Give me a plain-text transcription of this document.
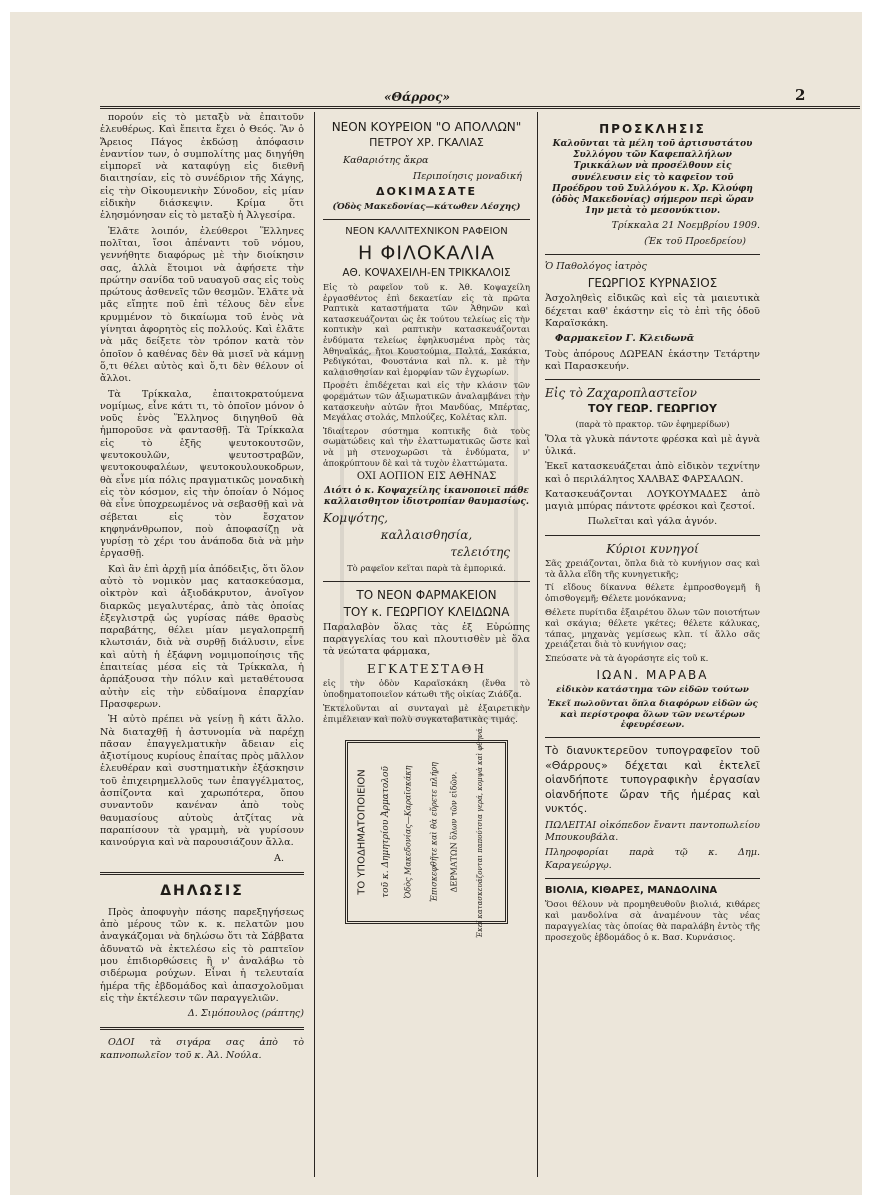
«Θάρρος»	2

πορούν εἰς τὸ μεταξὺ νὰ ἐπαιτοῦν ἐλευθέρως. Καὶ ἔπειτα ἔχει ὁ Θεός. Ἂν ὁ Ἄρειος Πάγος ἐκδώσῃ ἀπόφασιν ἐναντίον των, ὁ συμπολίτης μας διηγήθη εἰμπορεῖ νὰ καταφύγῃ εἰς διεθνῆ διαιτησίαν, εἰς τὸ συνέδριον τῆς Χάγης, εἰς τὴν Οἰκουμενικὴν Σύνοδον, εἰς μίαν εἰδικὴν διάσκεψιν. Κρίμα ὅτι ἐλησμόνησαν εἰς τὸ μεταξὺ ἡ Ἀλγεσίρα.

Ἐλᾶτε λοιπόν, ἐλεύθεροι Ἕλληνες πολῖται, ἴσοι ἀπέναντι τοῦ νόμου, γεννήθητε διαφόρως μὲ τὴν διοίκησιν σας, ἀλλὰ ἕτοιμοι νὰ ἀφήσετε τὴν πρώτην σανίδα τοῦ ναυαγοῦ σας εἰς τοὺς πρώτους ἀσθενεῖς τῶν θεσμῶν. Ἐλᾶτε νὰ μᾶς εἴπῃτε ποῦ ἐπὶ τέλους δὲν εἶνε κρυμμένον τὸ δικαίωμα τοῦ ἑνὸς νὰ γίνηται ἀφορητὸς εἰς πολλούς. Καὶ ἐλᾶτε νὰ μᾶς δείξετε τὸν τρόπον κατὰ τὸν ὁποῖον ὁ καθένας δὲν θὰ μισεῖ νὰ κάμνῃ ὅ,τι θέλει αὐτὸς καὶ ὅ,τι δὲν θέλουν οἱ ἄλλοι.

Τὰ Τρίκκαλα, ἐπαιτοκρατούμενα νομίμως, εἶνε κάτι τι, τὸ ὁποῖον μόνον ὁ νοῦς ἑνὸς Ἕλληνος διηγηθοῦ θὰ ἠμποροῦσε νὰ φαντασθῇ. Τὰ Τρίκκαλα εἰς τὸ ἑξῆς ψευτοκουτσῶν, ψευτοκουλῶν, ψευτοστραβῶν, ψευτοκουφαλέων, ψευτοκουλουκοδρων, θὰ εἶνε μία πόλις πραγματικῶς μοναδικὴ εἰς τὸν κόσμον, εἰς τὴν ὁποίαν ὁ Νόμος θὰ εἶνε ὑποχρεωμένος νὰ σεβασθῇ καὶ νὰ σέβεται εἰς τὸν ἔσχατον κηφηνάνθρωπον, ποὺ ἀποφασίζῃ νὰ γυρίσῃ τὸ χέρι του ἀνάποδα διὰ νὰ μὴν ἐργασθῇ.

Καὶ ἂν ἐπὶ ἀρχῇ μία ἀπόδειξις, ὅτι ὅλον αὐτὸ τὸ νομικὸν μας κατασκεύασμα, οἰκτρὸν καὶ ἀξιοδάκρυτον, ἀνοῖγον διαρκῶς μεγαλυτέρας, ἀπὸ τὰς ὁποίας ἐξεγλιστρᾷ ὡς γυρίσας πάθε θρασὺς παραβάτης, θέλει μίαν μεγαλοπρεπῆ κλωτσιάν, διὰ νὰ συρθῇ διάλυσιν, εἶνε καὶ αὐτὴ ἡ ἐξάφνη νομιμοποίησις τῆς ἐπαιτείας μέσα εἰς τὰ Τρίκκαλα, ἡ ἀρπάξουσα τὴν πόλιν καὶ μεταθέτουσα αὐτὴν εἰς τὴν εὐδαίμονα ἐπαρχίαν Πρασφερων.

Ἡ αὐτὸ πρέπει νὰ γείνῃ ἢ κάτι ἄλλο. Νὰ διαταχθῇ ἡ ἀστυνομία νὰ παρέχῃ πᾶσαν ἐπαγγελματικὴν ἄδειαν εἰς ἀξιοτίμους κυρίους ἐπαίτας πρὸς μᾶλλον ἐλευθέραν καὶ συστηματικὴν ἐξάσκησιν τοῦ ἐπιχειρημελλοῦς των ἐπαγγέλματος, ἀσπίζοντα καὶ χαρωπότερα, ὅπου συναντοῦν κανέναν ἀπὸ τοὺς θαυμασίους αὐτοὺς ἀτζίτας νὰ παραπίσουν τὰ γραμμὴ, νὰ γυρίσουν καινούργια καὶ νὰ παρουσιάζουν ἄλλα.

Α.

ΔΗΛΩΣΙΣ

Πρὸς ἀποφυγὴν πάσης παρεξηγήσεως ἀπὸ μέρους τῶν κ. κ. πελατῶν μου ἀναγκάζομαι νὰ δηλώσω ὅτι τὰ Σάββατα ἀδυνατῶ νὰ ἐκτελέσω εἰς τὸ ραπτεῖον μου ἐπιδιορθώσεις ἢ ν' ἀναλάβω τὸ σιδέρωμα ρούχων. Εἶναι ἡ τελευταία ἡμέρα τῆς ἑβδομάδος καὶ ἀπασχολοῦμαι εἰς τὴν ἐκτέλεσιν τῶν παραγγελιῶν.

Δ. Σιμόπουλος (ράπτης)

ΟΔΟΙ τὰ σιγάρα σας ἀπὸ τὸ καπνοπωλεῖον τοῦ κ. Ἀλ. Νούλα.

ΝΕΟΝ ΚΟΥΡΕΙΟΝ "Ο ΑΠΟΛΛΩΝ"

ΠΕΤΡΟΥ ΧΡ. ΓΚΑΛΙΑΣ

Καθαριότης ἄκρα

Περιποίησις μοναδική

ΔΟΚΙΜΑΣΑΤΕ

(Ὁδὸς Μακεδονίας—κάτωθεν Λέσχης)

ΝΕΟΝ ΚΑΛΛΙΤΕΧΝΙΚΟΝ ΡΑΦΕΙΟΝ

Η ΦΙΛΟΚΑΛΙΑ

ΑΘ. ΚΟΨΑΧΕΙΛΗ-ΕΝ ΤΡΙΚΚΑΛΟΙΣ

Εἰς τὸ ραφεῖον τοῦ κ. Ἀθ. Κοψαχείλη ἐργασθέντος ἐπὶ δεκαετίαν εἰς τὰ πρῶτα Ραπτικὰ καταστήματα τῶν Ἀθηνῶν καὶ κατασκευάζονται ὡς ἐκ τούτου τελείως εἰς τὴν κοπτικὴν καὶ ραπτικὴν κατασκευάζονται ἐνδύματα τελείως ἐφηλκυσμένα πρὸς τὰς Ἀθηναϊκάς, ἤτοι Κουστούμια, Παλτά, Σακάκια, Ρεδιγκόται, Φουστάνια καὶ πλ. κ. μὲ τὴν καλαισθησίαν καὶ ἐμορφίαν τῶν ἐγχωρίων.

Προσέτι ἐπιδέχεται καὶ εἰς τὴν κλάσιν τῶν φορεμάτων τῶν ἀξιωματικῶν ἀναλαμβάνει τὴν κατασκευὴν αὐτῶν ἤτοι Μανδύας, Μπέρτας, Μεγάλας στολάς, Μπλούζες, Κολέτας κλπ.

Ἰδιαίτερον σύστημα κοπτικῆς διὰ τοὺς σωματώδεις καὶ τὴν ἐλαττωματικῶς ὥστε καὶ νὰ μὴ στενοχωρῶσι τὰ ἐνδύματα, ν' ἀποκρύπτουν δὲ καὶ τὰ τυχὸν ἐλαττώματα.

ΟΧΙ ΑΟΠΙΟΝ ΕΙΣ ΑΘΗΝΑΣ

Διότι ὁ κ. Κοψαχείλης ἱκανοποιεῖ πάθε καλλαισθητον ἰδιοτροπίαν θαυμασίως.

Κομψότης,

καλλαισθησία,

τελειότης

Τὸ ραφεῖον κεῖται παρὰ τὰ ἐμπορικά.

ΤΟ ΝΕΟΝ ΦΑΡΜΑΚΕΙΟΝ

ΤΟΥ κ. ΓΕΩΡΓΙΟΥ ΚΛΕΙΔΩΝΑ

Παραλαβὸν ὅλας τὰς ἐξ Εὐρώπης παραγγελίας του καὶ πλουτισθὲν μὲ ὅλα τὰ νεώτατα φάρμακα,

ΕΓΚΑΤΕΣΤΑΘΗ

εἰς τὴν ὁδὸν Καραϊσκάκη (ἔνθα τὸ ὑποδηματοποιεῖον κάτωθι τῆς οἰκίας Ζιάδζα.

Ἐκτελοῦνται αἱ συνταγαὶ μὲ ἐξαιρετικὴν ἐπιμέλειαν καὶ πολὺ συγκαταβατικὰς τιμάς.

ΤΟ ΥΠΟΔΗΜΑΤΟΠΟΙΕΙΟΝ τοῦ κ. Δημητρίου Ἀρματολοῦ Ὁδὸς Μακεδονίας—Καραϊσκάκη Ἐπισκεφθῆτε καὶ θὰ εὕρετε πλήρη ΔΕΡΜΑΤΩΝ ὅλων τῶν εἰδῶν.	Ἐκεῖ κατασκευάζονται παπούτσια γερά, κομψὰ καὶ φθηνά.

ΠΡΟΣΚΛΗΣΙΣ

Καλοῦνται τὰ μέλη τοῦ ἀρτισυστάτου Συλλόγου τῶν Καφεπαλλήλων Τρικκάλων νὰ προσέλθουν εἰς συνέλευσιν εἰς τὸ καφεῖον τοῦ Προέδρου τοῦ Συλλόγου κ. Χρ. Κλούφη (ὁδὸς Μακεδονίας) σήμερον περὶ ὥραν 1ην μετὰ τὸ μεσονύκτιον.

Τρίκκαλα 21 Νοεμβρίου 1909.

(Ἐκ τοῦ Προεδρείου)

Ὁ Παθολόγος ἰατρὸς

ΓΕΩΡΓΙΟΣ ΚΥΡΝΑΣΙΟΣ

Ἀσχοληθεὶς εἰδικῶς καὶ εἰς τὰ μαιευτικὰ δέχεται καθ' ἑκάστην εἰς τὸ ἐπὶ τῆς ὁδοῦ Καραϊσκάκη.

Φαρμακεῖον Γ. Κλειδωνᾶ

Τοὺς ἀπόρους ΔΩΡΕΑΝ ἑκάστην Τετάρτην καὶ Παρασκευήν.

Εἰς τὸ Ζαχαροπλαστεῖον

ΤΟΥ ΓΕΩΡ. ΓΕΩΡΓΙΟΥ

(παρὰ τὸ πρακτορ. τῶν ἐφημερίδων)

Ὅλα τὰ γλυκὰ πάντοτε φρέσκα καὶ μὲ ἁγνὰ ὑλικά.

Ἐκεῖ κατασκευάζεται ἀπὸ εἰδικὸν τεχνίτην καὶ ὁ περιλάλητος ΧΑΛΒΑΣ ΦΑΡΣΑΛΩΝ.

Κατασκευάζονται ΛΟΥΚΟΥΜΑΔΕΣ ἀπὸ μαγιὰ μπύρας πάντοτε φρέσκοι καὶ ζεστοί.

Πωλεῖται καὶ γάλα ἁγνόν.

Κύριοι κυνηγοί

Σᾶς χρειάζονται, ὅπλα διὰ τὸ κυνήγιον σας καὶ τὰ ἄλλα εἴδη τῆς κυνηγετικῆς;

Τί εἴδους δίκαννα θέλετε ἐμπροσθογεμῆ ἢ ὀπισθογεμῆ; Θέλετε μονόκαννα;

Θέλετε πυρίτιδα ἐξαιρέτου ὅλων τῶν ποιοτήτων καὶ σκάγια; θέλετε γκέτες; θέλετε κάλυκας, τάπας, μηχανὰς γεμίσεως κλπ. τί ἄλλο σᾶς χρειάζεται διὰ τὸ κυνήγιον σας;

Σπεύσατε νὰ τὰ ἀγοράσητε εἰς τοῦ κ.

ΙΩΑΝ. ΜΑΡΑΒΑ

εἰδικὸν κατάστημα τῶν εἰδῶν τούτων

Ἐκεῖ πωλοῦνται ὅπλα διαφόρων εἰδῶν ὡς καὶ περίστροφα ὅλων τῶν νεωτέρων ἐφευρέσεων.

Τὸ διανυκτερεῦον τυπογραφεῖον τοῦ «Θάρρους» δέχεται καὶ ἐκτελεῖ οἱανδήποτε τυπογραφικὴν ἐργασίαν οἱανδήποτε ὥραν τῆς ἡμέρας καὶ νυκτός.

ΠΩΛΕΙΤΑΙ οἰκόπεδον ἔναντι παντοπωλείου Μπουκουβάλα.

Πληροφορίαι παρὰ τῷ κ. Δημ. Καραγεώργῳ.

ΒΙΟΛΙΑ, ΚΙΘΑΡΕΣ, ΜΑΝΔΟΛΙΝΑ

Ὅσοι θέλουν νὰ προμηθευθοῦν βιολιά, κιθάρες καὶ μανδολίνα σὰ ἀναμένουν τὰς νέας παραγγελίας τὰς ὁποίας θὰ παραλάβη ἐντὸς τῆς προσεχοῦς ἑβδομάδος ὁ κ. Βασ. Κυρνάσιος.
